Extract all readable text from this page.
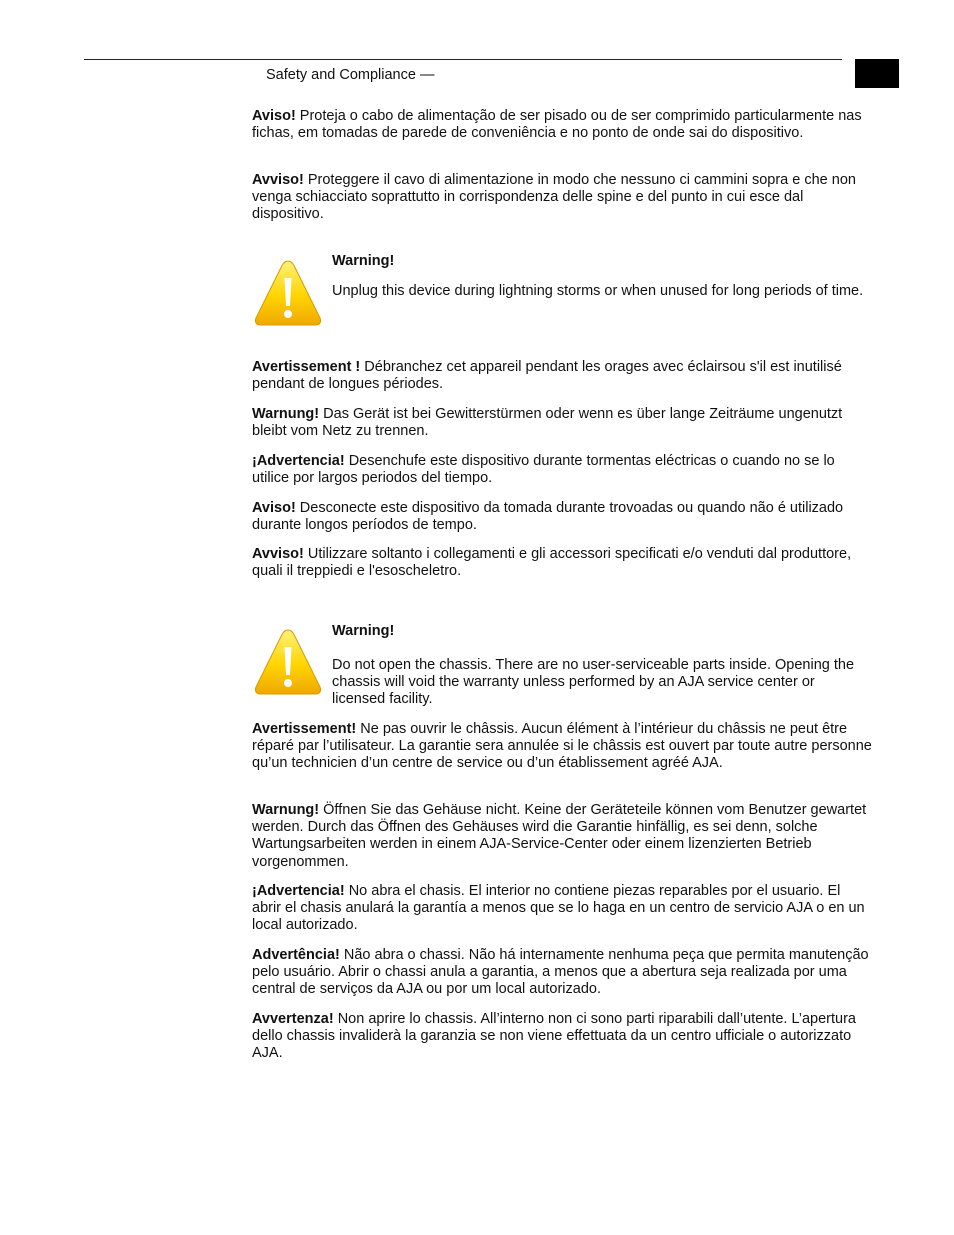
Safety and Compliance —

Aviso! Proteja o cabo de alimentação de ser pisado ou de ser comprimido particularmente nas fichas, em tomadas de parede de conveniência e no ponto de onde sai do dispositivo.

Avviso! Proteggere il cavo di alimentazione in modo che nessuno ci cammini sopra e che non venga schiacciato soprattutto in corrispondenza delle spine e del punto in cui esce dal dispositivo.

Warning!

Unplug this device during lightning storms or when unused for long periods of time.

Avertissement ! Débranchez cet appareil pendant les orages avec éclairsou s'il est inutilisé pendant de longues périodes.

Warnung! Das Gerät ist bei Gewitterstürmen oder wenn es über lange Zeiträume ungenutzt bleibt vom Netz zu trennen.

¡Advertencia! Desenchufe este dispositivo durante tormentas eléctricas o cuando no se lo utilice por largos periodos del tiempo.

Aviso! Desconecte este dispositivo da tomada durante trovoadas ou quando não é utilizado durante longos períodos de tempo.

Avviso! Utilizzare soltanto i collegamenti e gli accessori specificati e/o venduti dal produttore, quali il treppiedi e l'esoscheletro.

Warning!

Do not open the chassis. There are no user-serviceable parts inside. Opening the chassis will void the warranty unless performed by an AJA service center or licensed facility.

Avertissement! Ne pas ouvrir le châssis. Aucun élément à l’intérieur du châssis ne peut être réparé par l’utilisateur. La garantie sera annulée si le châssis est ouvert par toute autre personne qu’un technicien d’un centre de service ou d’un établissement agréé AJA.

Warnung! Öffnen Sie das Gehäuse nicht. Keine der Geräteteile können vom Benutzer gewartet werden. Durch das Öffnen des Gehäuses wird die Garantie hinfällig, es sei denn, solche Wartungsarbeiten werden in einem AJA-Service-Center oder einem lizenzierten Betrieb vorgenommen.

¡Advertencia! No abra el chasis. El interior no contiene piezas reparables por el usuario. El abrir el chasis anulará la garantía a menos que se lo haga en un centro de servicio AJA o en un local autorizado.

Advertência! Não abra o chassi. Não há internamente nenhuma peça que permita manutenção pelo usuário. Abrir o chassi anula a garantia, a menos que a abertura seja realizada por uma central de serviços da AJA ou por um local autorizado.

Avvertenza! Non aprire lo chassis. All’interno non ci sono parti riparabili dall’utente. L’apertura dello chassis invaliderà la garanzia se non viene effettuata da un centro ufficiale o autorizzato AJA.
